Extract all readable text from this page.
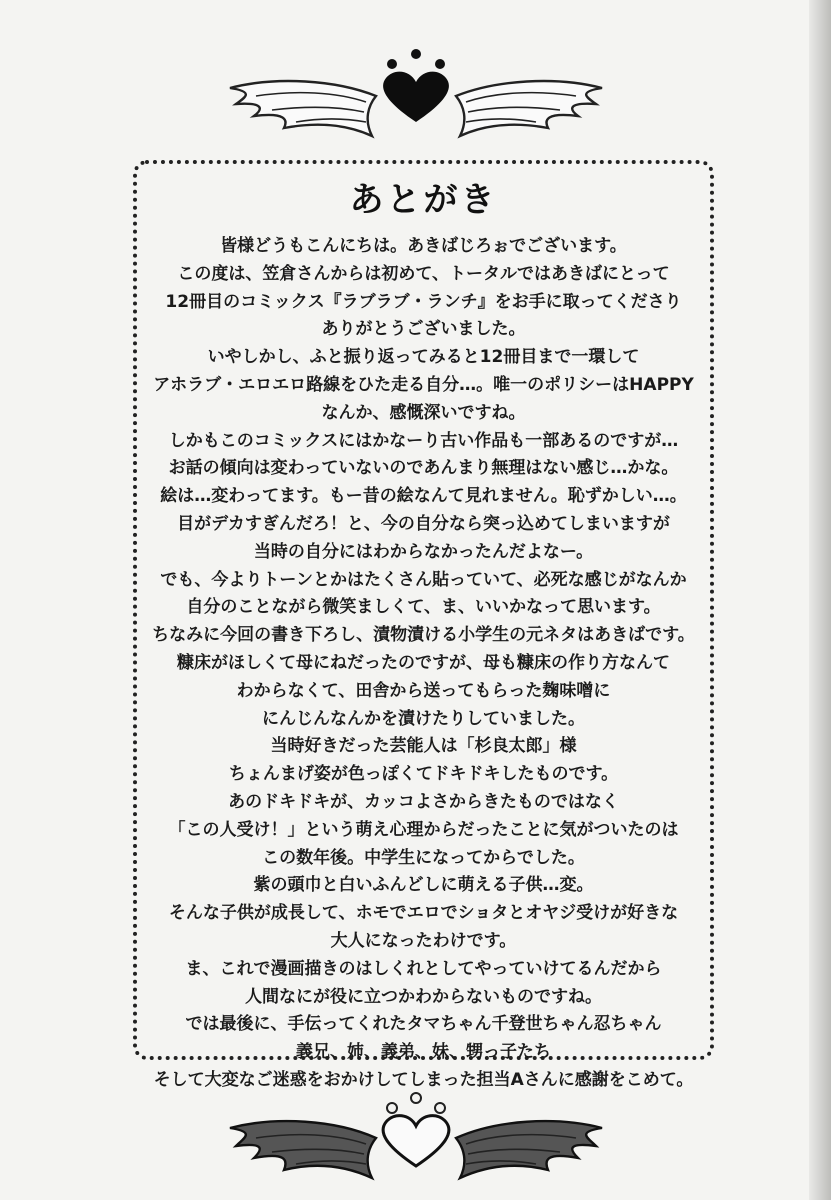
あとがき
皆様どうもこんにちは。あきばじろぉでございます。
この度は、笠倉さんからは初めて、トータルではあきばにとって
12冊目のコミックス『ラブラブ・ランチ』をお手に取ってくださり
ありがとうございました。
いやしかし、ふと振り返ってみると12冊目まで一環して
アホラブ・エロエロ路線をひた走る自分…。唯一のポリシーはHAPPY
なんか、感慨深いですね。
しかもこのコミックスにはかなーり古い作品も一部あるのですが…
お話の傾向は変わっていないのであんまり無理はない感じ…かな。
絵は…変わってます。もー昔の絵なんて見れません。恥ずかしい…。
目がデカすぎんだろ！と、今の自分なら突っ込めてしまいますが
当時の自分にはわからなかったんだよなー。
でも、今よりトーンとかはたくさん貼っていて、必死な感じがなんか
自分のことながら微笑ましくて、ま、いいかなって思います。
ちなみに今回の書き下ろし、漬物漬ける小学生の元ネタはあきばです。
糠床がほしくて母にねだったのですが、母も糠床の作り方なんて
わからなくて、田舎から送ってもらった麹味噌に
にんじんなんかを漬けたりしていました。
当時好きだった芸能人は「杉良太郎」様
ちょんまげ姿が色っぽくてドキドキしたものです。
あのドキドキが、カッコよさからきたものではなく
「この人受け！」という萌え心理からだったことに気がついたのは
この数年後。中学生になってからでした。
紫の頭巾と白いふんどしに萌える子供…変。
そんな子供が成長して、ホモでエロでショタとオヤジ受けが好きな
大人になったわけです。
ま、これで漫画描きのはしくれとしてやっていけてるんだから
人間なにが役に立つかわからないものですね。
では最後に、手伝ってくれたタマちゃん千登世ちゃん忍ちゃん
義兄、姉、義弟、妹、甥っ子たち
そして大変なご迷惑をおかけしてしまった担当Aさんに感謝をこめて。
